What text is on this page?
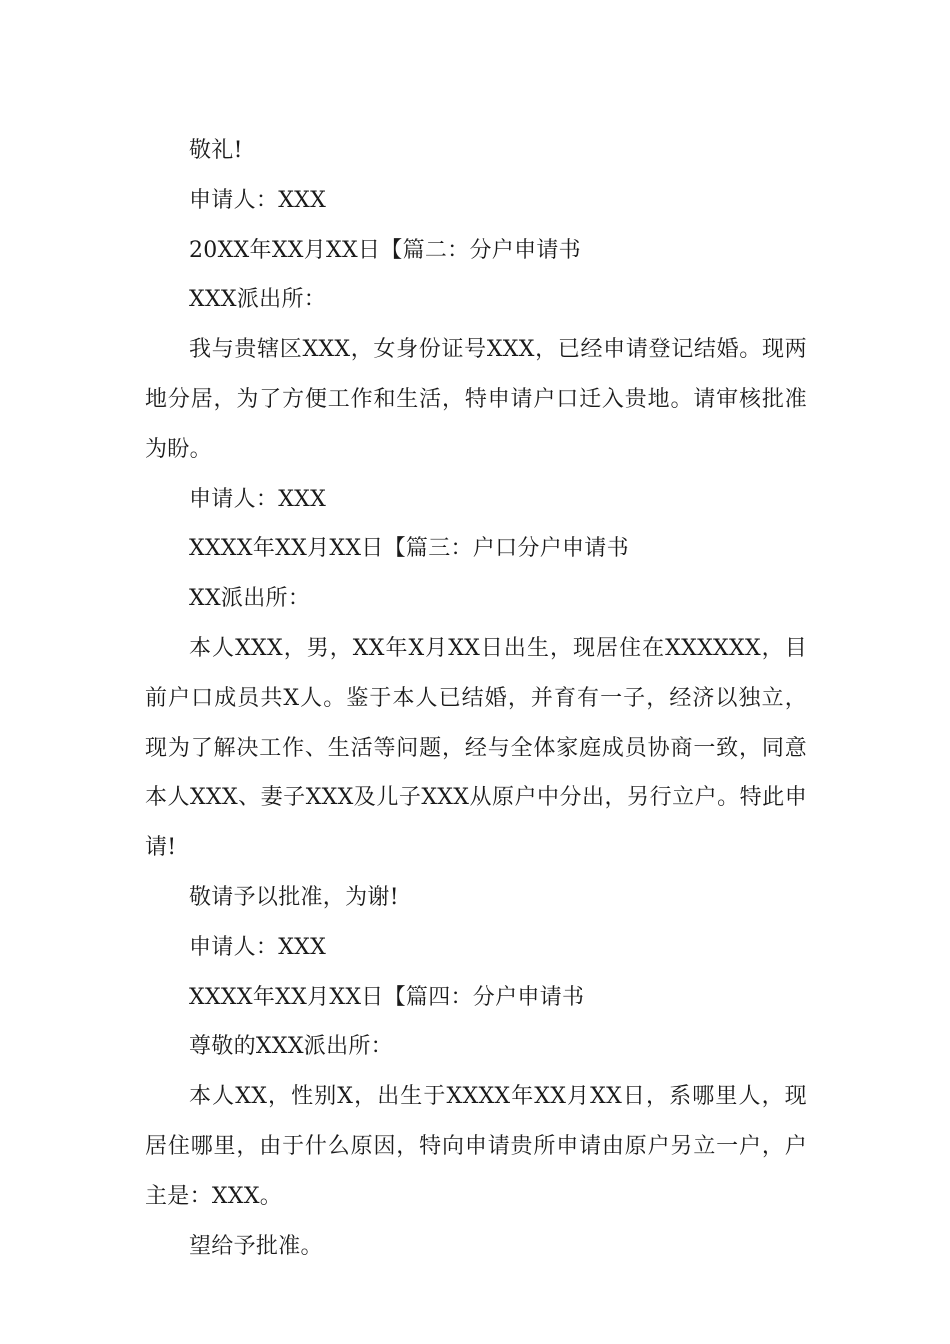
敬礼!

申请人：XXX

20XX年XX月XX日【篇二：分户申请书

XXX派出所：

我与贵辖区XXX，女身份证号XXX，已经申请登记结婚。现两地分居，为了方便工作和生活，特申请户口迁入贵地。请审核批准为盼。

申请人：XXX

XXXX年XX月XX日【篇三：户口分户申请书

XX派出所：

本人XXX，男，XX年X月XX日出生，现居住在XXXXXX，目前户口成员共X人。鉴于本人已结婚，并育有一子，经济以独立，现为了解决工作、生活等问题，经与全体家庭成员协商一致，同意本人XXX、妻子XXX及儿子XXX从原户中分出，另行立户。特此申请!

敬请予以批准，为谢!

申请人：XXX

XXXX年XX月XX日【篇四：分户申请书

尊敬的XXX派出所：

本人XX，性别X，出生于XXXX年XX月XX日，系哪里人，现居住哪里，由于什么原因，特向申请贵所申请由原户另立一户，户主是：XXX。

望给予批准。
